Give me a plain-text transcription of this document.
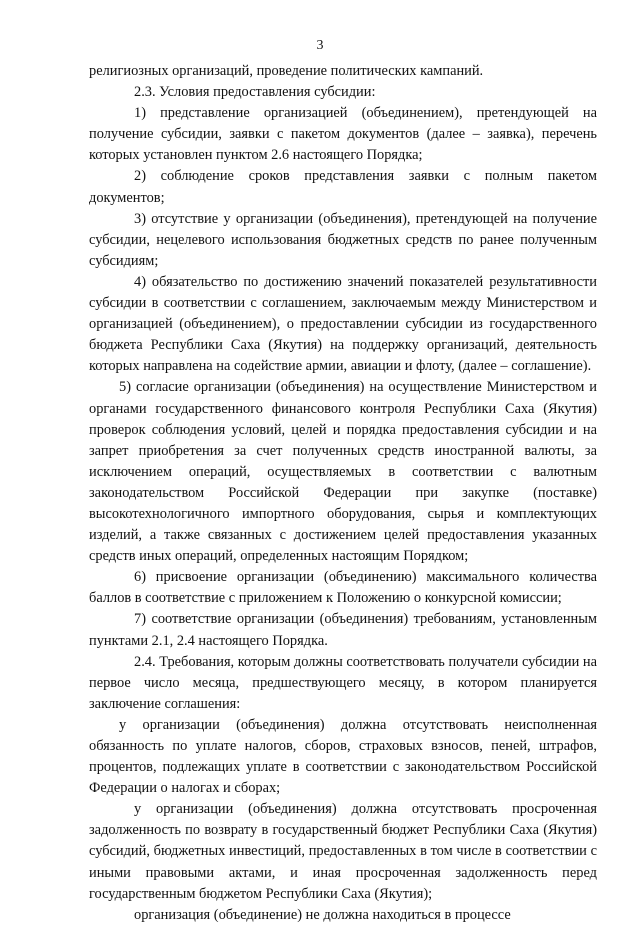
3

религиозных организаций, проведение политических кампаний.

2.3. Условия предоставления субсидии:

1) представление организацией (объединением), претендующей на получение субсидии, заявки с пакетом документов (далее – заявка), перечень которых установлен пунктом 2.6 настоящего Порядка;

2) соблюдение сроков представления заявки с полным пакетом документов;

3) отсутствие у организации (объединения), претендующей на получение субсидии, нецелевого использования бюджетных средств по ранее полученным субсидиям;

4) обязательство по достижению значений показателей результативности субсидии в соответствии с соглашением, заключаемым между Министерством и организацией (объединением), о предоставлении субсидии из государственного бюджета Республики Саха (Якутия) на поддержку организаций, деятельность которых направлена на содействие армии, авиации и флоту, (далее – соглашение).

5) согласие организации (объединения) на осуществление Министерством и органами государственного финансового контроля Республики Саха (Якутия) проверок соблюдения условий, целей и порядка предоставления субсидии и на запрет приобретения за счет полученных средств иностранной валюты, за исключением операций, осуществляемых в соответствии с валютным законодательством Российской Федерации при закупке (поставке) высокотехнологичного импортного оборудования, сырья и комплектующих изделий, а также связанных с достижением целей предоставления указанных средств иных операций, определенных настоящим Порядком;

6) присвоение организации (объединению) максимального количества баллов в соответствие с приложением к Положению о конкурсной комиссии;

7) соответствие организации (объединения) требованиям, установленным пунктами 2.1, 2.4 настоящего Порядка.

2.4. Требования, которым должны соответствовать получатели субсидии на первое число месяца, предшествующего месяцу, в котором планируется заключение соглашения:

у организации (объединения) должна отсутствовать неисполненная обязанность по уплате налогов, сборов, страховых взносов, пеней, штрафов, процентов, подлежащих уплате в соответствии с законодательством Российской Федерации о налогах и сборах;

у организации (объединения) должна отсутствовать просроченная задолженность по возврату в государственный бюджет Республики Саха (Якутия) субсидий, бюджетных инвестиций, предоставленных в том числе в соответствии с иными правовыми актами, и иная просроченная задолженность перед государственным бюджетом Республики Саха (Якутия);

организация (объединение) не должна находиться в процессе
